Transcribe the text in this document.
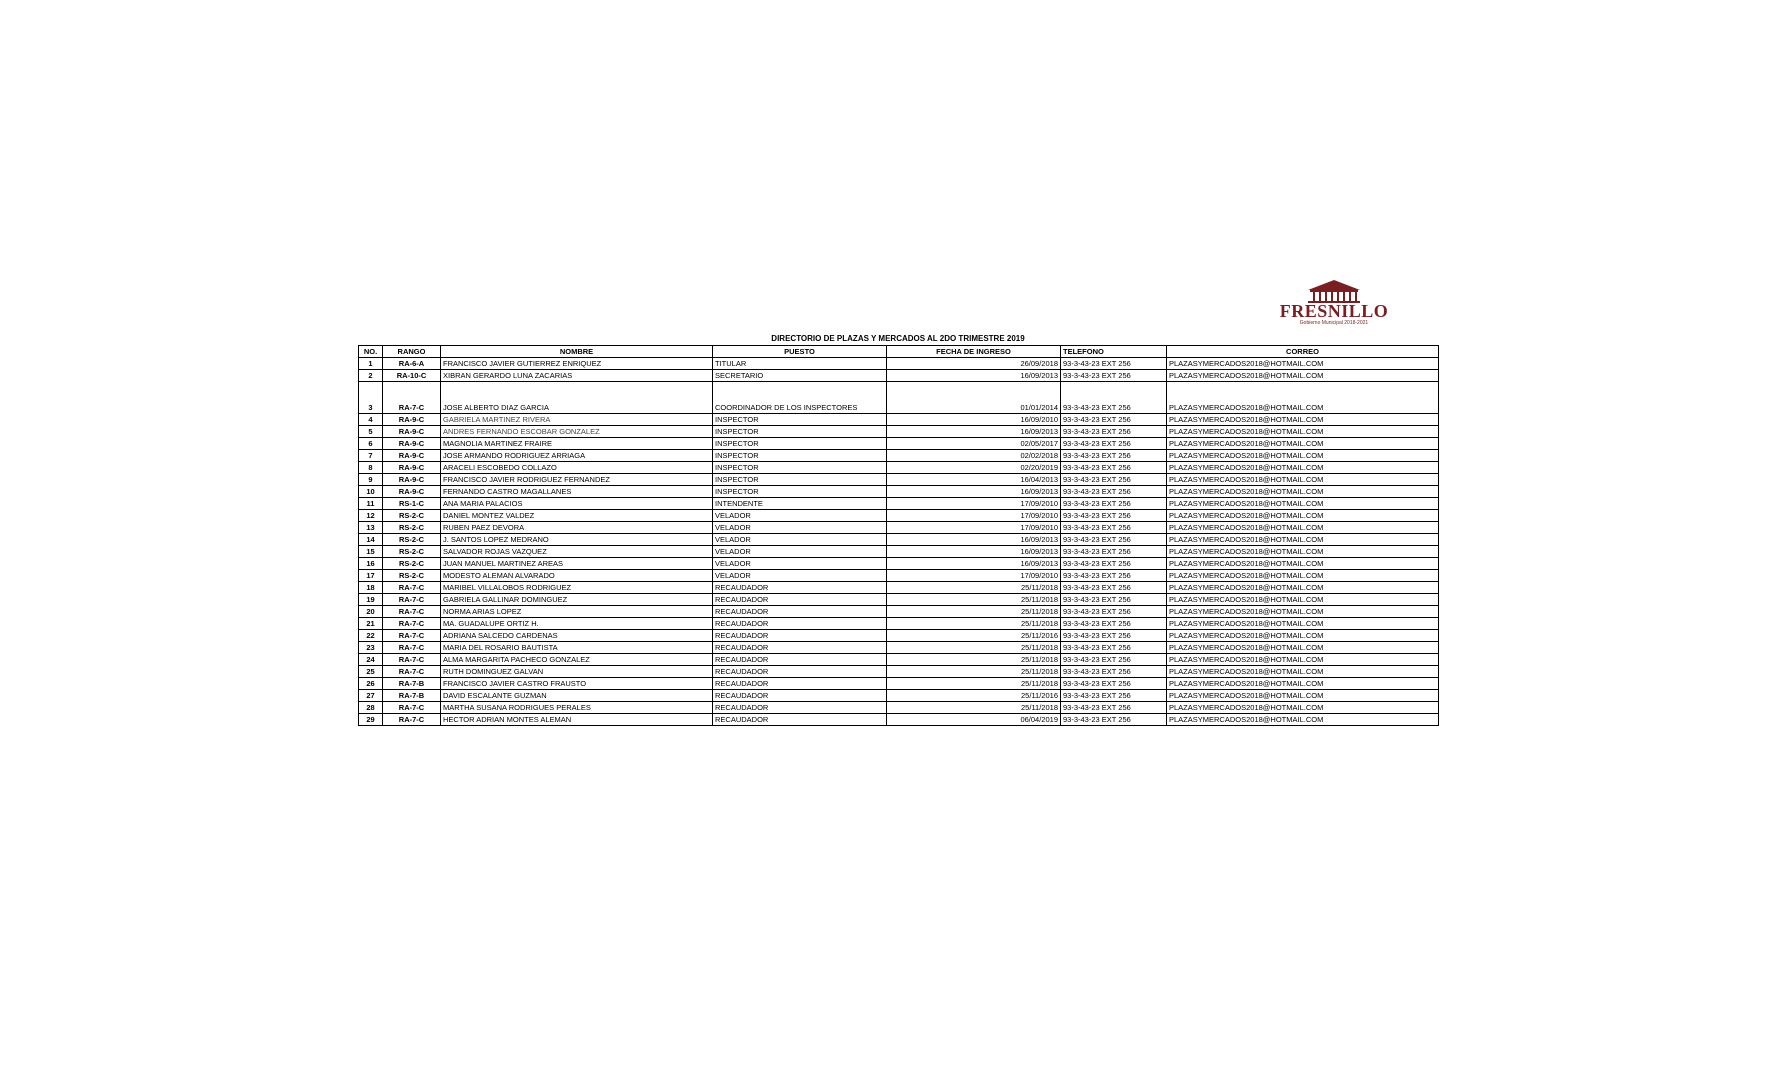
FRESNILLO
Gobierno Municipal 2018-2021
DIRECTORIO DE PLAZAS Y MERCADOS AL 2DO TRIMESTRE 2019
NO.	RANGO	NOMBRE	PUESTO	FECHA DE INGRESO	TELEFONO	CORREO
1	RA-6-A	FRANCISCO JAVIER GUTIERREZ ENRIQUEZ	TITULAR	26/09/2018	93-3-43-23 EXT 256	PLAZASYMERCADOS2018@HOTMAIL.COM
2	RA-10-C	XIBRAN GERARDO LUNA ZACARIAS	SECRETARIO	16/09/2013	93-3-43-23 EXT 256	PLAZASYMERCADOS2018@HOTMAIL.COM
3	RA-7-C	JOSE ALBERTO DIAZ GARCIA	COORDINADOR DE LOS INSPECTORES	01/01/2014	93-3-43-23 EXT 256	PLAZASYMERCADOS2018@HOTMAIL.COM
4	RA-9-C	GABRIELA MARTINEZ RIVERA	INSPECTOR	16/09/2010	93-3-43-23 EXT 256	PLAZASYMERCADOS2018@HOTMAIL.COM
5	RA-9-C	ANDRES FERNANDO ESCOBAR GONZALEZ	INSPECTOR	16/09/2013	93-3-43-23 EXT 256	PLAZASYMERCADOS2018@HOTMAIL.COM
6	RA-9-C	MAGNOLIA MARTINEZ FRAIRE	INSPECTOR	02/05/2017	93-3-43-23 EXT 256	PLAZASYMERCADOS2018@HOTMAIL.COM
7	RA-9-C	JOSE ARMANDO RODRIGUEZ ARRIAGA	INSPECTOR	02/02/2018	93-3-43-23 EXT 256	PLAZASYMERCADOS2018@HOTMAIL.COM
8	RA-9-C	ARACELI ESCOBEDO COLLAZO	INSPECTOR	02/20/2019	93-3-43-23 EXT 256	PLAZASYMERCADOS2018@HOTMAIL.COM
9	RA-9-C	FRANCISCO JAVIER RODRIGUEZ FERNANDEZ	INSPECTOR	16/04/2013	93-3-43-23 EXT 256	PLAZASYMERCADOS2018@HOTMAIL.COM
10	RA-9-C	FERNANDO CASTRO MAGALLANES	INSPECTOR	16/09/2013	93-3-43-23 EXT 256	PLAZASYMERCADOS2018@HOTMAIL.COM
11	RS-1-C	ANA MARIA PALACIOS	INTENDENTE	17/09/2010	93-3-43-23 EXT 256	PLAZASYMERCADOS2018@HOTMAIL.COM
12	RS-2-C	DANIEL MONTEZ VALDEZ	VELADOR	17/09/2010	93-3-43-23 EXT 256	PLAZASYMERCADOS2018@HOTMAIL.COM
13	RS-2-C	RUBEN PAEZ DEVORA	VELADOR	17/09/2010	93-3-43-23 EXT 256	PLAZASYMERCADOS2018@HOTMAIL.COM
14	RS-2-C	J. SANTOS LOPEZ MEDRANO	VELADOR	16/09/2013	93-3-43-23 EXT 256	PLAZASYMERCADOS2018@HOTMAIL.COM
15	RS-2-C	SALVADOR ROJAS VAZQUEZ	VELADOR	16/09/2013	93-3-43-23 EXT 256	PLAZASYMERCADOS2018@HOTMAIL.COM
16	RS-2-C	JUAN MANUEL MARTINEZ AREAS	VELADOR	16/09/2013	93-3-43-23 EXT 256	PLAZASYMERCADOS2018@HOTMAIL.COM
17	RS-2-C	MODESTO ALEMAN ALVARADO	VELADOR	17/09/2010	93-3-43-23 EXT 256	PLAZASYMERCADOS2018@HOTMAIL.COM
18	RA-7-C	MARIBEL VILLALOBOS RODRIGUEZ	RECAUDADOR	25/11/2018	93-3-43-23 EXT 256	PLAZASYMERCADOS2018@HOTMAIL.COM
19	RA-7-C	GABRIELA GALLINAR DOMINGUEZ	RECAUDADOR	25/11/2018	93-3-43-23 EXT 256	PLAZASYMERCADOS2018@HOTMAIL.COM
20	RA-7-C	NORMA ARIAS LOPEZ	RECAUDADOR	25/11/2018	93-3-43-23 EXT 256	PLAZASYMERCADOS2018@HOTMAIL.COM
21	RA-7-C	MA. GUADALUPE ORTIZ H.	RECAUDADOR	25/11/2018	93-3-43-23 EXT 256	PLAZASYMERCADOS2018@HOTMAIL.COM
22	RA-7-C	ADRIANA SALCEDO CARDENAS	RECAUDADOR	25/11/2016	93-3-43-23 EXT 256	PLAZASYMERCADOS2018@HOTMAIL.COM
23	RA-7-C	MARIA DEL ROSARIO BAUTISTA	RECAUDADOR	25/11/2018	93-3-43-23 EXT 256	PLAZASYMERCADOS2018@HOTMAIL.COM
24	RA-7-C	ALMA MARGARITA PACHECO GONZALEZ	RECAUDADOR	25/11/2018	93-3-43-23 EXT 256	PLAZASYMERCADOS2018@HOTMAIL.COM
25	RA-7-C	RUTH DOMINGUEZ GALVAN	RECAUDADOR	25/11/2018	93-3-43-23 EXT 256	PLAZASYMERCADOS2018@HOTMAIL.COM
26	RA-7-B	FRANCISCO JAVIER CASTRO FRAUSTO	RECAUDADOR	25/11/2018	93-3-43-23 EXT 256	PLAZASYMERCADOS2018@HOTMAIL.COM
27	RA-7-B	DAVID ESCALANTE GUZMAN	RECAUDADOR	25/11/2016	93-3-43-23 EXT 256	PLAZASYMERCADOS2018@HOTMAIL.COM
28	RA-7-C	MARTHA SUSANA RODRIGUES PERALES	RECAUDADOR	25/11/2018	93-3-43-23 EXT 256	PLAZASYMERCADOS2018@HOTMAIL.COM
29	RA-7-C	HECTOR ADRIAN MONTES ALEMAN	RECAUDADOR	06/04/2019	93-3-43-23 EXT 256	PLAZASYMERCADOS2018@HOTMAIL.COM
